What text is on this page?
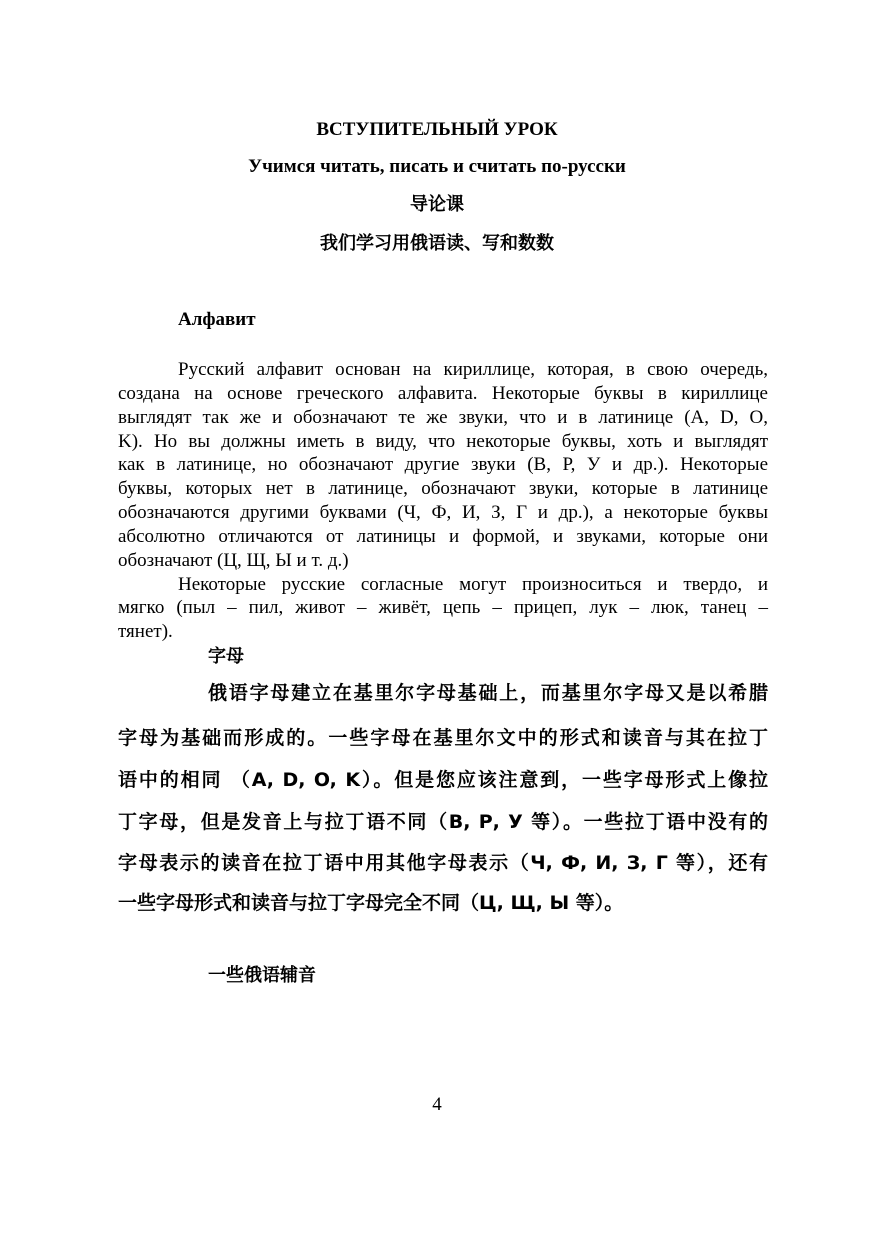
ВСТУПИТЕЛЬНЫЙ УРОК
Учимся читать, писать и считать по-русски
导论课
我们学习用俄语读、写和数数
Алфавит
Русский алфавит основан на кириллице, которая, в свою очередь,
создана на основе греческого алфавита. Некоторые буквы в кириллице
выглядят так же и обозначают те же звуки, что и в латинице (A, D, O,
K). Но вы должны иметь в виду, что некоторые буквы, хоть и выглядят
как в латинице, но обозначают другие звуки (В, Р, У и др.). Некоторые
буквы, которых нет в латинице, обозначают звуки, которые в латинице
обозначаются другими буквами (Ч, Ф, И, З, Г и др.), а некоторые буквы
абсолютно отличаются от латиницы и формой, и звуками, которые они
обозначают (Ц, Щ, Ы и т. д.)
Некоторые русские согласные могут произноситься и твердо, и
мягко (пыл – пил, живот – живёт, цепь – прицеп, лук – люк, танец –
тянет).
字母
俄语字母建立在基里尔字母基础上，而基里尔字母又是以希腊
字母为基础而形成的。一些字母在基里尔文中的形式和读音与其在拉丁
语中的相同 （A, D, O, K）。但是您应该注意到，一些字母形式上像拉
丁字母，但是发音上与拉丁语不同（В, Р, У 等）。一些拉丁语中没有的
字母表示的读音在拉丁语中用其他字母表示（Ч, Ф, И, З, Г 等），还有
一些字母形式和读音与拉丁字母完全不同（Ц, Щ, Ы 等）。
一些俄语辅音
4
